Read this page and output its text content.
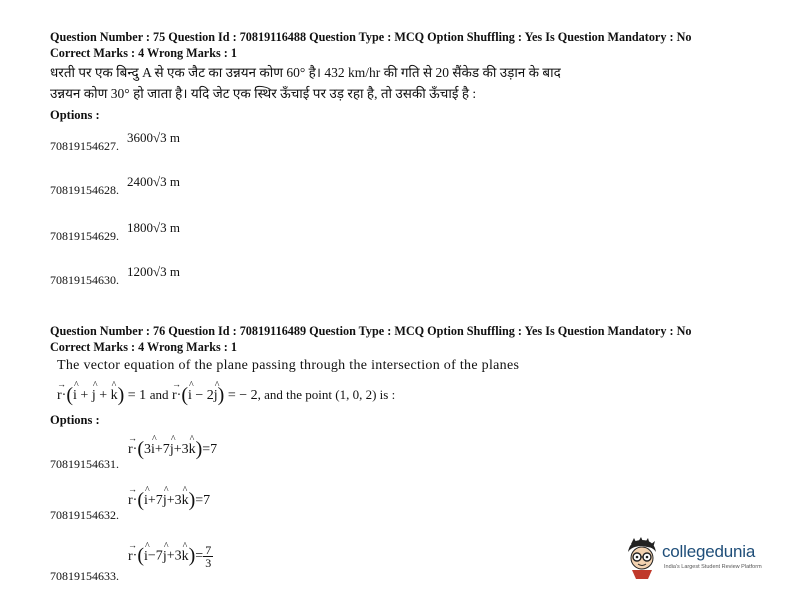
Question Number : 75 Question Id : 70819116488 Question Type : MCQ Option Shuffling : Yes Is Question Mandatory : No
Correct Marks : 4 Wrong Marks : 1
धरती पर एक बिन्दु A से एक जैट का उन्नयन कोण 60° है। 432 km/hr की गति से 20 सैंकेड की उड़ान के बाद
उन्नयन कोण 30° हो जाता है। यदि जेट एक स्थिर ऊँचाई पर उड़ रहा है, तो उसकी ऊँचाई है :
Options :
70819154627.
3600√3 m
70819154628.
2400√3 m
70819154629.
1800√3 m
70819154630.
1200√3 m
Question Number : 76 Question Id : 70819116489 Question Type : MCQ Option Shuffling : Yes Is Question Mandatory : No
Correct Marks : 4 Wrong Marks : 1
The vector equation of the plane passing through the intersection of the planes
→ r·(^ i + ^ j + ^ k) = 1 and → r·(^ i − 2^ j) = − 2, and the point (1, 0, 2) is :
Options :
70819154631.
→ r·(3^ i+7^ j+3^ k)=7
70819154632.
→ r·(^ i+7^ j+3^ k)=7
70819154633.
→ r·(^ i−7^ j+3^ $k)= \frac{7}{3}$	collegedunia
India's Largest Student Review Platform
